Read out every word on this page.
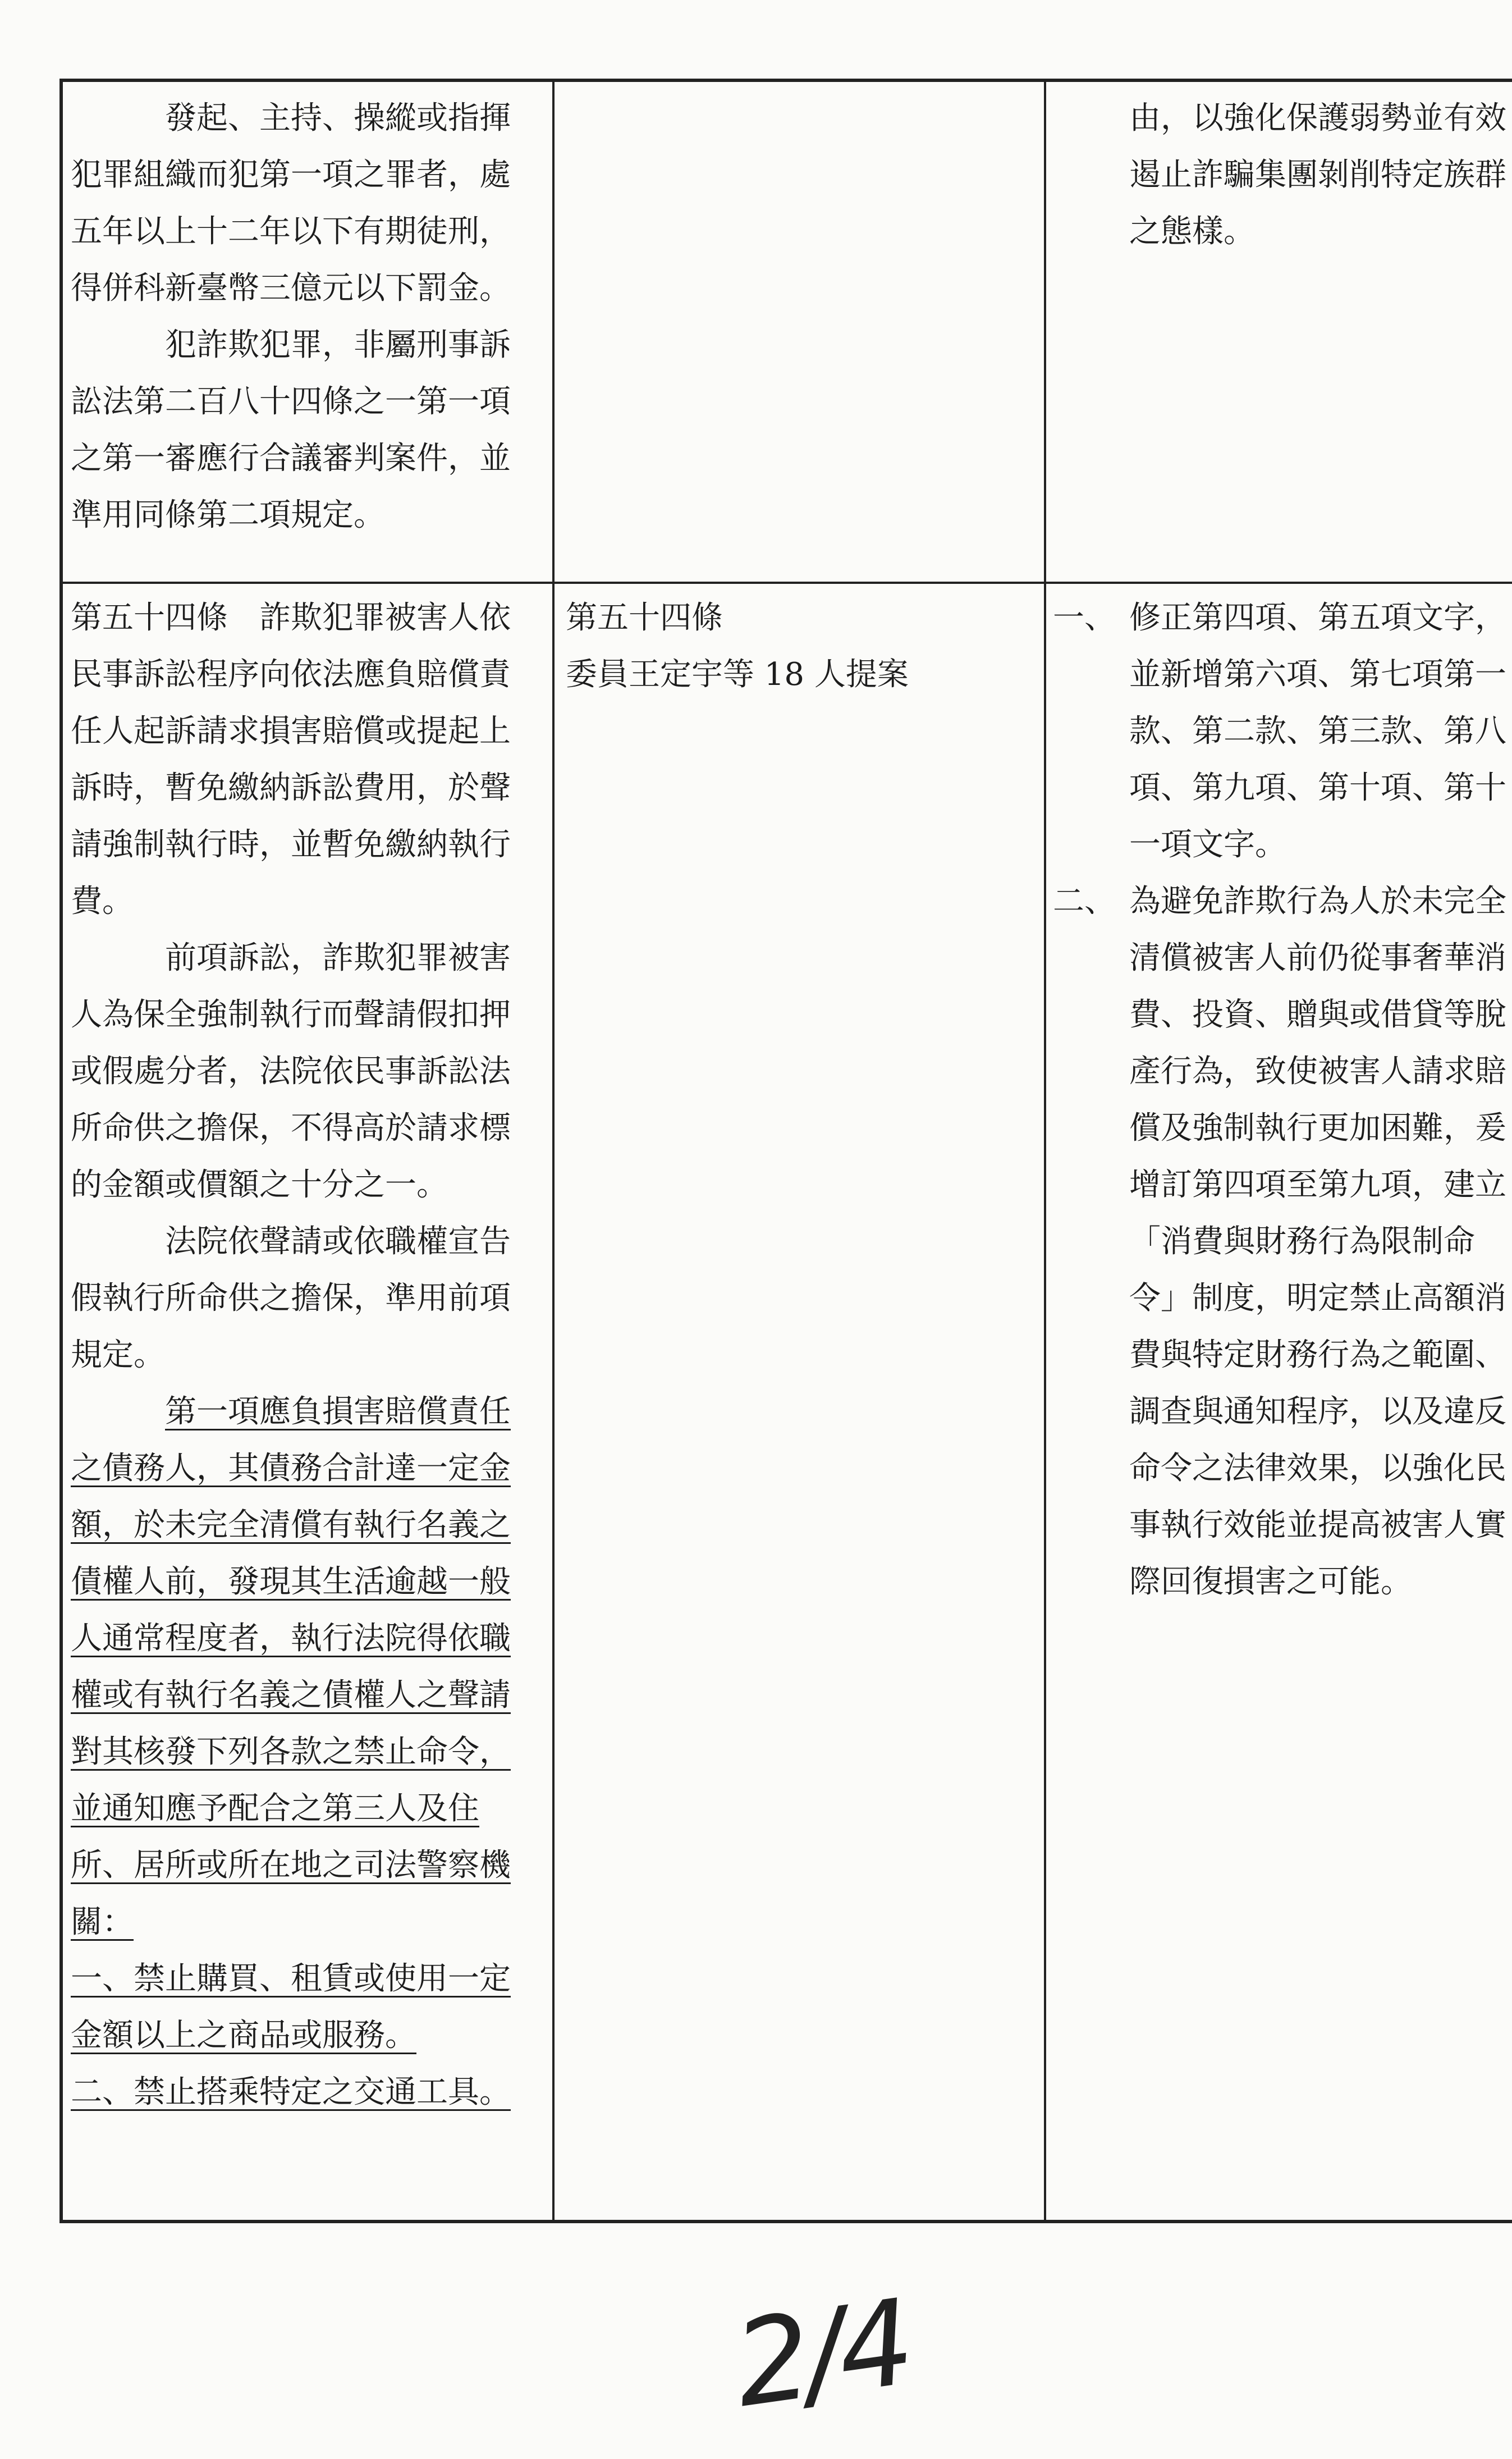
發起、主持、操縱或指揮犯罪組織而犯第一項之罪者，處五年以上十二年以下有期徒刑，得併科新臺幣三億元以下罰金。

犯詐欺犯罪，非屬刑事訴訟法第二百八十四條之一第一項之第一審應行合議審判案件，並準用同條第二項規定。

由，以強化保護弱勢並有效遏止詐騙集團剝削特定族群之態樣。

第五十四條　詐欺犯罪被害人依民事訴訟程序向依法應負賠償責任人起訴請求損害賠償或提起上訴時，暫免繳納訴訟費用，於聲請強制執行時，並暫免繳納執行費。

前項訴訟，詐欺犯罪被害人為保全強制執行而聲請假扣押或假處分者，法院依民事訴訟法所命供之擔保，不得高於請求標的金額或價額之十分之一。

法院依聲請或依職權宣告假執行所命供之擔保，準用前項規定。

第一項應負損害賠償責任之債務人，其債務合計達一定金額，於未完全清償有執行名義之債權人前，發現其生活逾越一般人通常程度者，執行法院得依職權或有執行名義之債權人之聲請對其核發下列各款之禁止命令，並通知應予配合之第三人及住所、居所或所在地之司法警察機關：

一、禁止購買、租賃或使用一定金額以上之商品或服務。

二、禁止搭乘特定之交通工具。

第五十四條

委員王定宇等 18 人提案

一、 修正第四項、第五項文字，並新增第六項、第七項第一款、第二款、第三款、第八項、第九項、第十項、第十一項文字。
二、 為避免詐欺行為人於未完全清償被害人前仍從事奢華消費、投資、贈與或借貸等脫產行為，致使被害人請求賠償及強制執行更加困難，爰增訂第四項至第九項，建立「消費與財務行為限制命令」制度，明定禁止高額消費與特定財務行為之範圍、調查與通知程序，以及違反命令之法律效果，以強化民事執行效能並提高被害人實際回復損害之可能。
2/4
